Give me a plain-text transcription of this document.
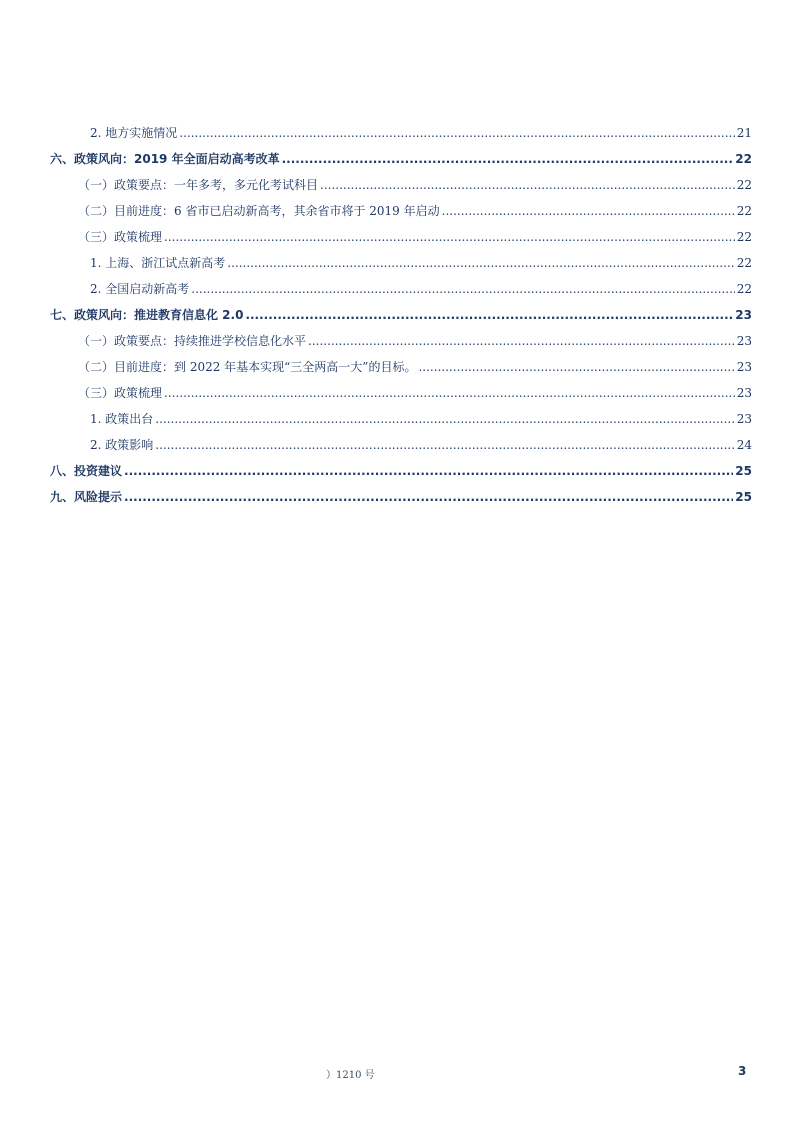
2. 地方实施情况 .....	21
六、政策风向：2019 年全面启动高考改革 .....	22
（一）政策要点：一年多考，多元化考试科目 .....	22
（二）目前进度：6 省市已启动新高考，其余省市将于 2019 年启动 .....	22
（三）政策梳理 .....	22
1. 上海、浙江试点新高考 .....	22
2. 全国启动新高考 .....	22
七、政策风向：推进教育信息化 2.0 .....	23
（一）政策要点：持续推进学校信息化水平 .....	23
（二）目前进度：到 2022 年基本实现“三全两高一大”的目标。 .....	23
（三）政策梳理 .....	23
1. 政策出台 .....	23
2. 政策影响 .....	24
八、投资建议 .....	25
九、风险提示 .....	25
）1210 号	3
